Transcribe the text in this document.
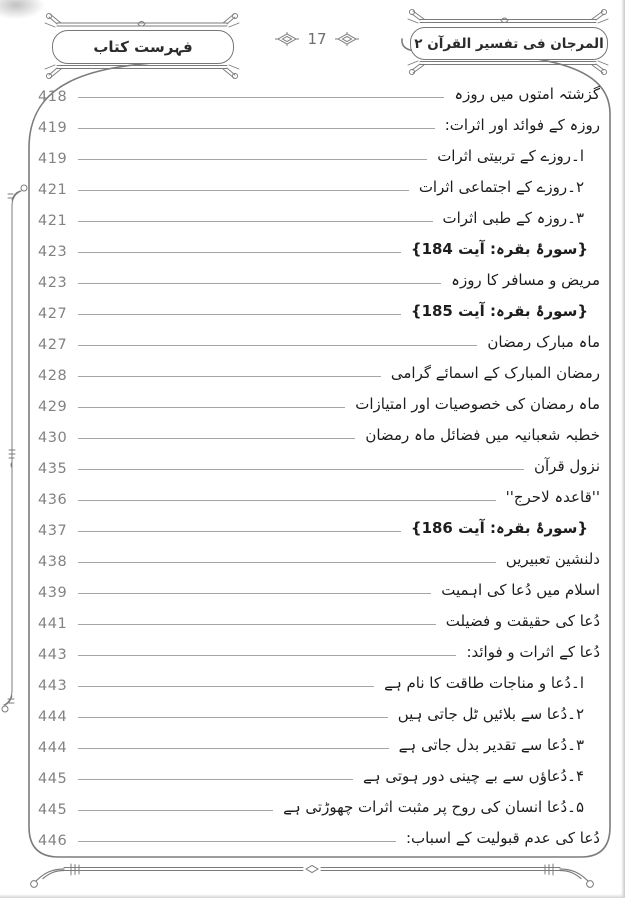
فہرست کتاب	17	المرجان فی تفسیر القرآن ۲
418	گزشتہ امتوں میں روزہ
419	روزہ کے فوائد اور اثرات:
419	ا۔روزے کے تربیتی اثرات
421	۲۔روزے کے اجتماعی اثرات
421	۳۔روزہ کے طبی اثرات
423	{سورۂ بقرہ: آیت 184}
423	مریض و مسافر کا روزہ
427	{سورۂ بقرہ: آیت 185}
427	ماہ مبارک رمضان
428	رمضان المبارک کے اسمائے گرامی
429	ماہ رمضان کی خصوصیات اور امتیازات
430	خطبہ شعبانیہ میں فضائل ماہ رمضان
435	نزول قرآن
436	''قاعدہ لاحرج''
437	{سورۂ بقرہ: آیت 186}
438	دلنشین تعبیریں
439	اسلام میں دُعا کی اہمیت
441	دُعا کی حقیقت و فضیلت
443	دُعا کے اثرات و فوائد:
443	ا۔دُعا و مناجات طاقت کا نام ہے
444	۲۔دُعا سے بلائیں ٹل جاتی ہیں
444	۳۔دُعا سے تقدیر بدل جاتی ہے
445	۴۔دُعاؤں سے بے چینی دور ہوتی ہے
445	۵۔دُعا انسان کی روح پر مثبت اثرات چھوڑتی ہے
446	دُعا کی عدم قبولیت کے اسباب:
